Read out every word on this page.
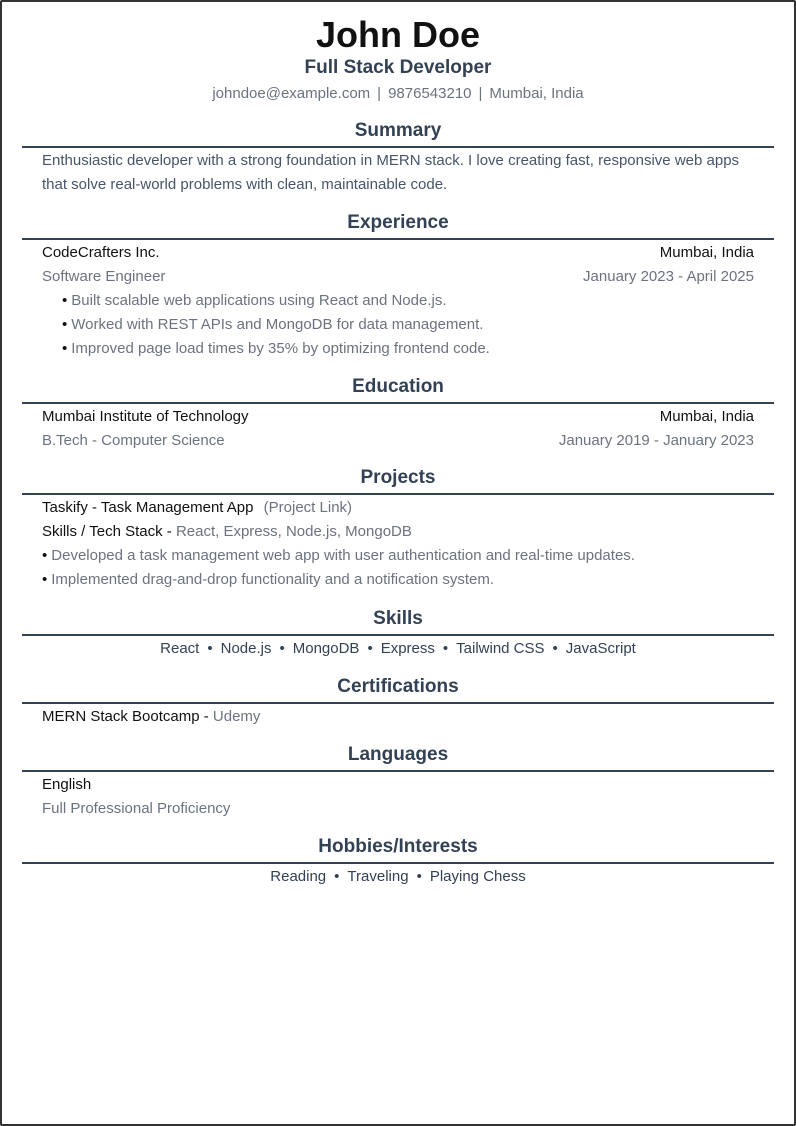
John Doe
Full Stack Developer
johndoe@example.com | 9876543210 | Mumbai, India
Summary
Enthusiastic developer with a strong foundation in MERN stack. I love creating fast, responsive web apps that solve real-world problems with clean, maintainable code.
Experience
CodeCrafters Inc.	Mumbai, India
Software Engineer	January 2023 - April 2025
• Built scalable web applications using React and Node.js.
• Worked with REST APIs and MongoDB for data management.
• Improved page load times by 35% by optimizing frontend code.
Education
Mumbai Institute of Technology	Mumbai, India
B.Tech - Computer Science	January 2019 - January 2023
Projects
Taskify - Task Management App (Project Link)
Skills / Tech Stack - React, Express, Node.js, MongoDB
• Developed a task management web app with user authentication and real-time updates.
• Implemented drag-and-drop functionality and a notification system.
Skills
React • Node.js • MongoDB • Express • Tailwind CSS • JavaScript
Certifications
MERN Stack Bootcamp - Udemy
Languages
English
Full Professional Proficiency
Hobbies/Interests
Reading • Traveling • Playing Chess
